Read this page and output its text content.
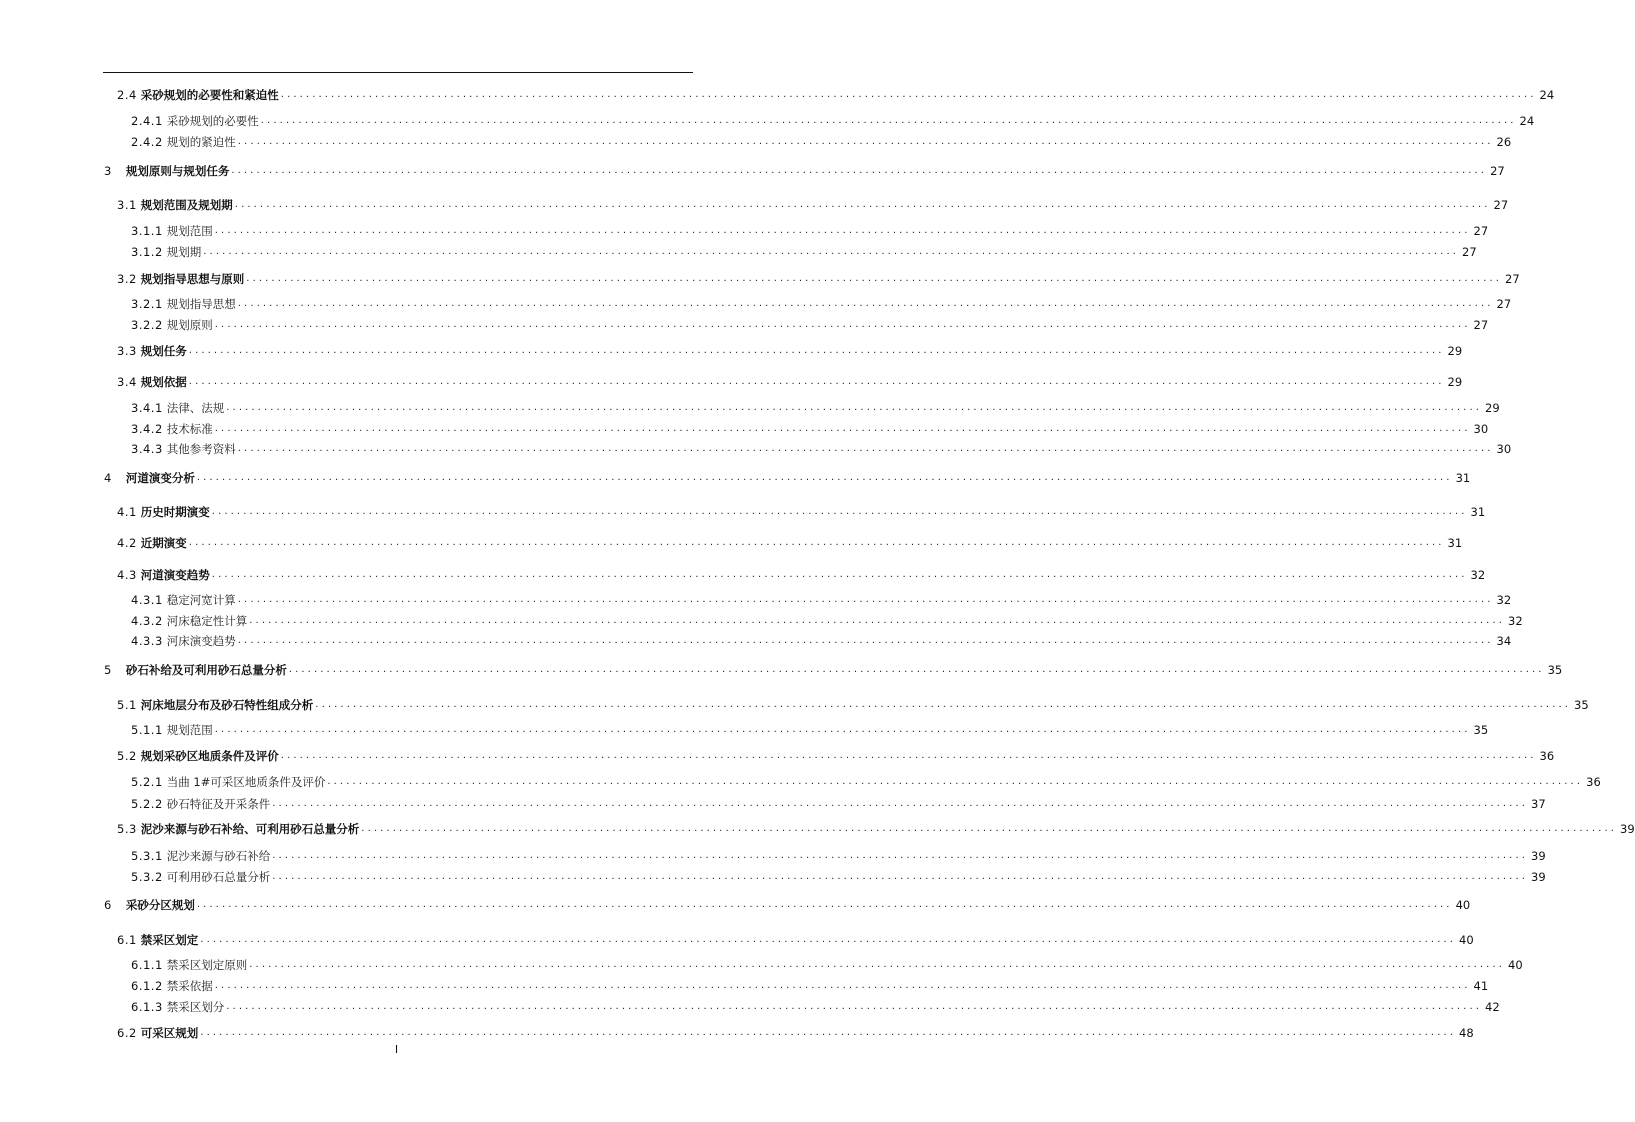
2.4 采砂规划的必要性和紧迫性 ........................................................................................................................................................................................................ 24
2.4.1 采砂规划的必要性 ........................................................................................................................................................................................................ 24
2.4.2 规划的紧迫性 ........................................................................................................................................................................................................ 26
3 规划原则与规划任务 ........................................................................................................................................................................................................ 27
3.1 规划范围及规划期 ........................................................................................................................................................................................................ 27
3.1.1 规划范围 ........................................................................................................................................................................................................ 27
3.1.2 规划期 ........................................................................................................................................................................................................ 27
3.2 规划指导思想与原则 ........................................................................................................................................................................................................ 27
3.2.1 规划指导思想 ........................................................................................................................................................................................................ 27
3.2.2 规划原则 ........................................................................................................................................................................................................ 27
3.3 规划任务 ........................................................................................................................................................................................................ 29
3.4 规划依据 ........................................................................................................................................................................................................ 29
3.4.1 法律、法规 ........................................................................................................................................................................................................ 29
3.4.2 技术标准 ........................................................................................................................................................................................................ 30
3.4.3 其他参考资料 ........................................................................................................................................................................................................ 30
4 河道演变分析 ........................................................................................................................................................................................................ 31
4.1 历史时期演变 ........................................................................................................................................................................................................ 31
4.2 近期演变 ........................................................................................................................................................................................................ 31
4.3 河道演变趋势 ........................................................................................................................................................................................................ 32
4.3.1 稳定河宽计算 ........................................................................................................................................................................................................ 32
4.3.2 河床稳定性计算 ........................................................................................................................................................................................................ 32
4.3.3 河床演变趋势 ........................................................................................................................................................................................................ 34
5 砂石补给及可利用砂石总量分析 ........................................................................................................................................................................................................ 35
5.1 河床地层分布及砂石特性组成分析 ........................................................................................................................................................................................................ 35
5.1.1 规划范围 ........................................................................................................................................................................................................ 35
5.2 规划采砂区地质条件及评价 ........................................................................................................................................................................................................ 36
5.2.1 当曲 1#可采区地质条件及评价 ........................................................................................................................................................................................................ 36
5.2.2 砂石特征及开采条件 ........................................................................................................................................................................................................ 37
5.3 泥沙来源与砂石补给、可利用砂石总量分析 ........................................................................................................................................................................................................ 39
5.3.1 泥沙来源与砂石补给 ........................................................................................................................................................................................................ 39
5.3.2 可利用砂石总量分析 ........................................................................................................................................................................................................ 39
6 采砂分区规划 ........................................................................................................................................................................................................ 40
6.1 禁采区划定 ........................................................................................................................................................................................................ 40
6.1.1 禁采区划定原则 ........................................................................................................................................................................................................ 40
6.1.2 禁采依据 ........................................................................................................................................................................................................ 41
6.1.3 禁采区划分 ........................................................................................................................................................................................................ 42
6.2 可采区规划 ........................................................................................................................................................................................................ 48
I
